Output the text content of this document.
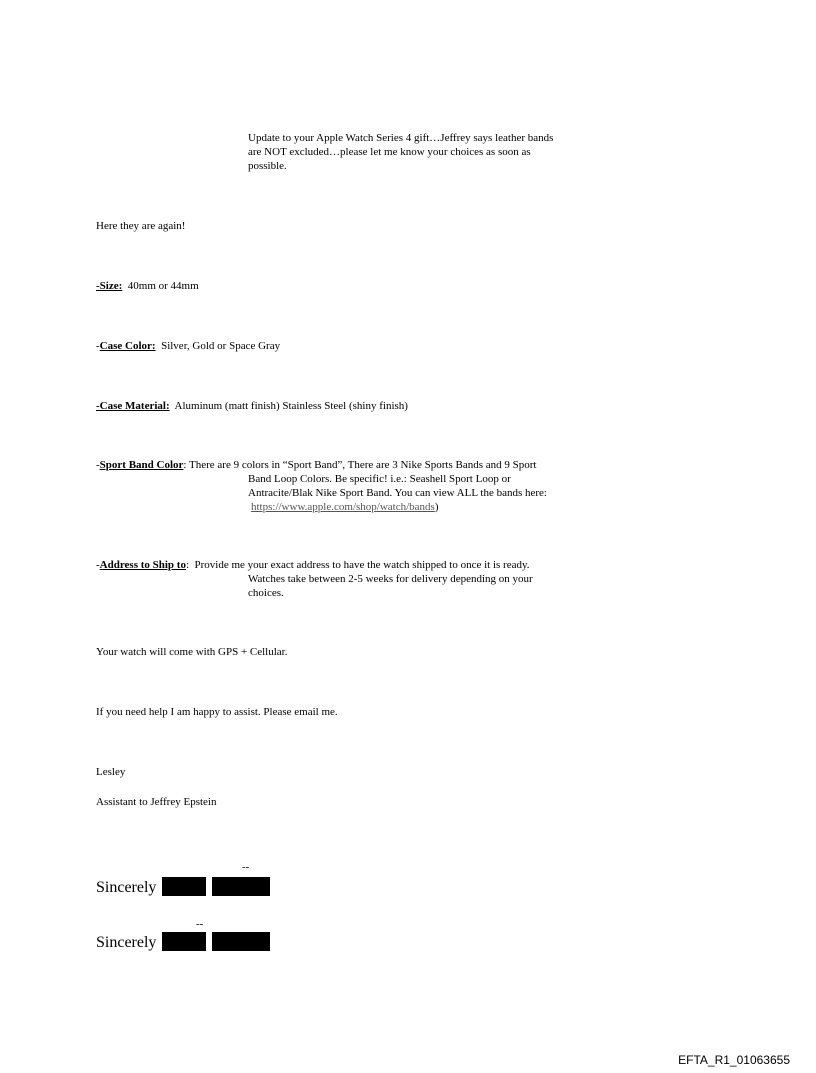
Update to your Apple Watch Series 4 gift…Jeffrey says leather bands
are NOT excluded…please let me know your choices as soon as
possible.
Here they are again!
-Size:  40mm or 44mm
-Case Color:  Silver, Gold or Space Gray
-Case Material:  Aluminum (matt finish) Stainless Steel (shiny finish)
-Sport Band Color: There are 9 colors in “Sport Band”, There are 3 Nike Sports Bands and 9 Sport
Band Loop Colors. Be specific! i.e.: Seashell Sport Loop or
Antracite/Blak Nike Sport Band. You can view ALL the bands here:
https://www.apple.com/shop/watch/bands)
-Address to Ship to:  Provide me your exact address to have the watch shipped to once it is ready.
Watches take between 2-5 weeks for delivery depending on your
choices.
Your watch will come with GPS + Cellular.
If you need help I am happy to assist. Please email me.
Lesley
Assistant to Jeffrey Epstein
--
Sincerely
--
Sincerely
EFTA_R1_01063655
